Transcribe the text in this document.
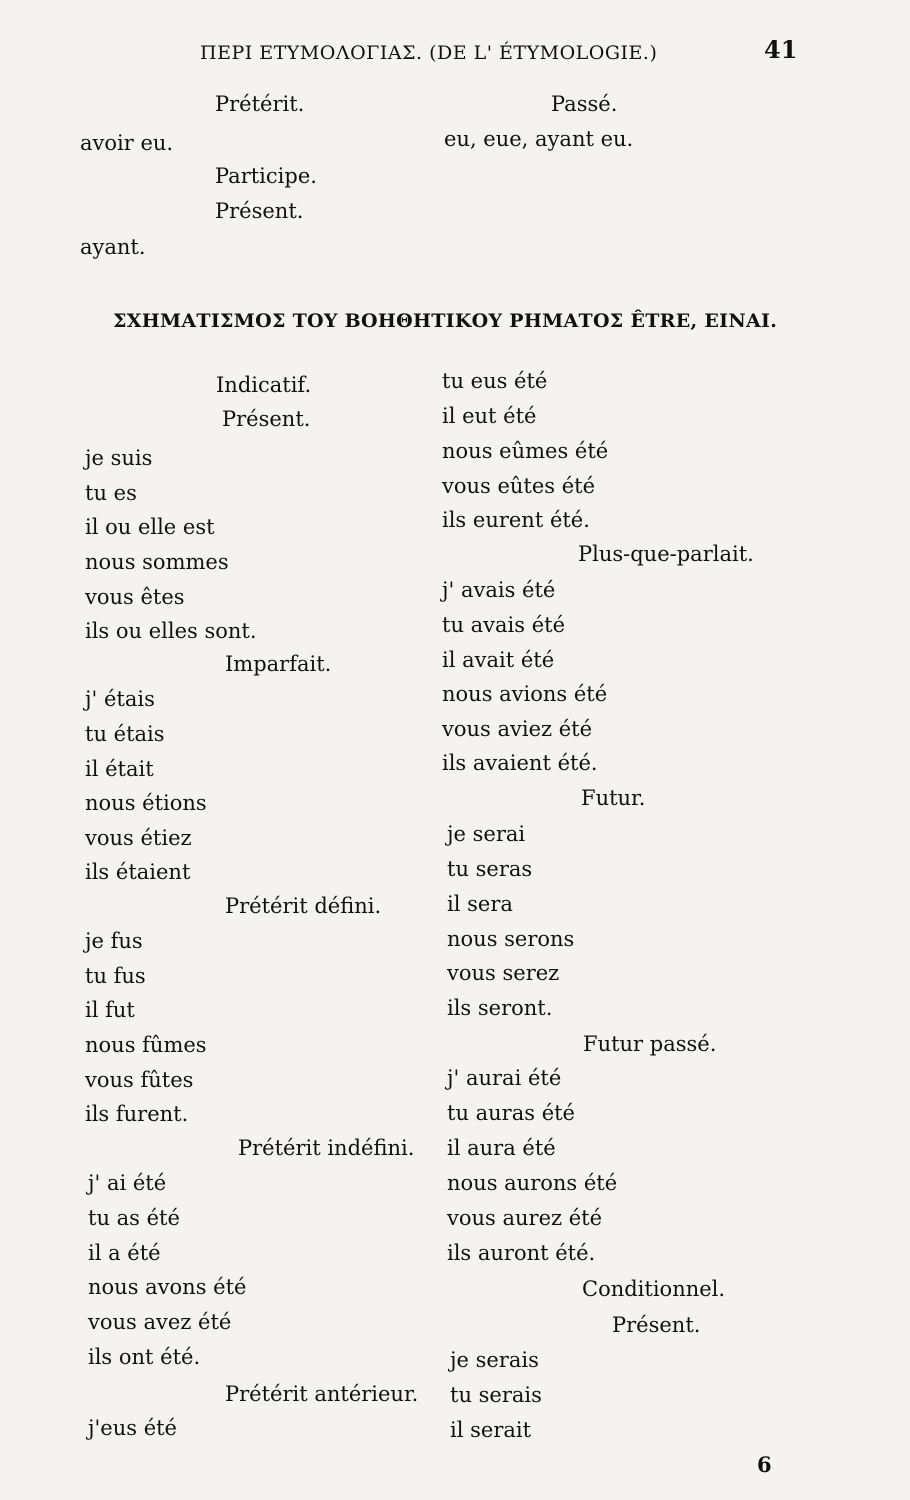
ΠΕΡΙ ΕΤΥΜΟΛΟΓΙΑΣ. (DE L' ÉTYMOLOGIE.)	41
Prétérit.	Passé.
avoir eu.	eu, eue, ayant eu.
Participe.
Présent.
ayant.
ΣΧΗΜΑΤΙΣΜΟΣ ΤΟΥ ΒΟΗΘΗΤΙΚΟΥ ΡΗΜΑΤΟΣ ÊTRE, ΕΙΝΑΙ.
Indicatif.
Présent.
je suis
tu es
il ou elle est
nous sommes
vous êtes
ils ou elles sont.
Imparfait.
j' étais
tu étais
il était
nous étions
vous étiez
ils étaient
Prétérit défini.
je fus
tu fus
il fut
nous fûmes
vous fûtes
ils furent.
Prétérit indéfini.
j' ai été
tu as été
il a été
nous avons été
vous avez été
ils ont été.
Prétérit antérieur.
j'eus été
tu eus été
il eut été
nous eûmes été
vous eûtes été
ils eurent été.
Plus-que-parlait.
j' avais été
tu avais été
il avait été
nous avions été
vous aviez été
ils avaient été.
Futur.
je serai
tu seras
il sera
nous serons
vous serez
ils seront.
Futur passé.
j' aurai été
tu auras été
il aura été
nous aurons été
vous aurez été
ils auront été.
Conditionnel.
Présent.
je serais
tu serais
il serait
6
